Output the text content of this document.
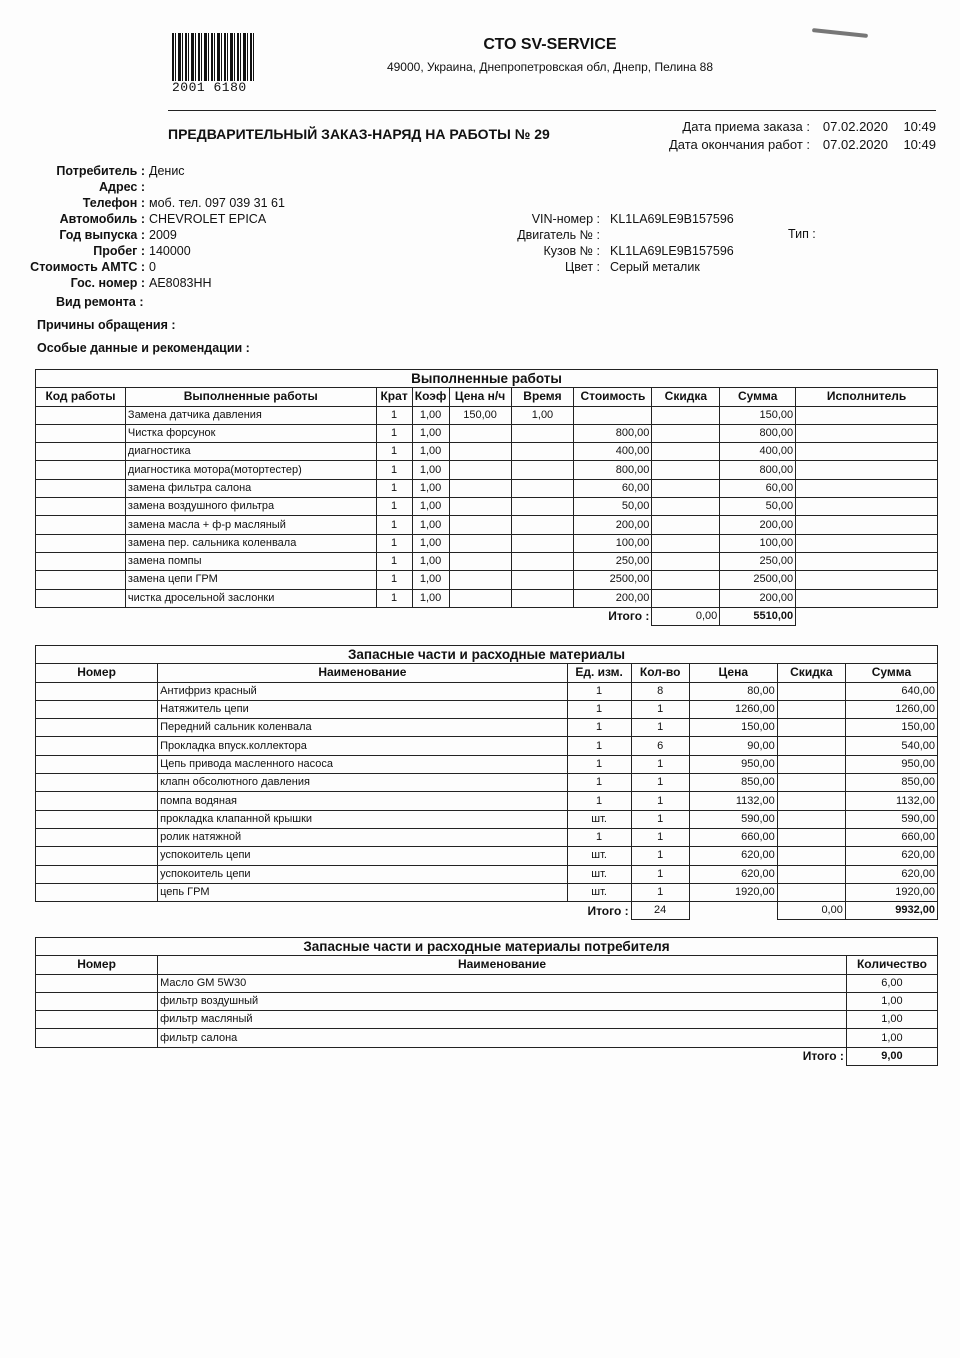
2001 6180
СТО SV-SERVICE
49000, Украина, Днепропетровская обл, Днепр, Пелина 88
ПРЕДВАРИТЕЛЬНЫЙ ЗАКАЗ-НАРЯД НА РАБОТЫ № 29	Дата приема заказа : 07.02.2020	10:49
Дата окончания работ : 07.02.2020	10:49
Потребитель : Денис
Адрес :
Телефон : моб. тел. 097 039 31 61
Автомобиль : CHEVROLET EPICA
Год выпуска : 2009
Пробег : 140000
Стоимость АМТС : 0
Гос. номер : AE8083HH
VIN-номер : KL1LA69LE9B157596
Двигатель № :
Кузов № : KL1LA69LE9B157596
Цвет : Серый металик
Тип :
Вид ремонта :
Причины обращения :
Особые данные и рекомендации :
Выполненные работы									
Код работы	Выполненные работы	Крат	Коэф	Цена н/ч	Время	Стоимость	Скидка	Сумма	Исполнитель
	Замена датчика давления	1	1,00	150,00	1,00			150,00	
	Чистка форсунок	1	1,00			800,00		800,00	
	диагностика	1	1,00			400,00		400,00	
	диагностика мотора(мотортестер)	1	1,00			800,00		800,00	
	замена фильтра салона	1	1,00			60,00		60,00	
	замена воздушного фильтра	1	1,00			50,00		50,00	
	замена масла + ф-р масляный	1	1,00			200,00		200,00	
	замена пер. сальника коленвала	1	1,00			100,00		100,00	
	замена помпы	1	1,00			250,00		250,00	
	замена цепи ГРМ	1	1,00			2500,00		2500,00	
	чистка дросельной заслонки	1	1,00			200,00		200,00	
Итого :							0,00	5510,00	
Запасные части и расходные материалы						
Номер	Наименование	Ед. изм.	Кол-во	Цена	Скидка	Сумма
	Антифриз красный	1	8	80,00		640,00
	Натяжитель цепи	1	1	1260,00		1260,00
	Передний сальник коленвала	1	1	150,00		150,00
	Прокладка впуск.коллектора	1	6	90,00		540,00
	Цепь привода масленного насоса	1	1	950,00		950,00
	клапн обсолютного давления	1	1	850,00		850,00
	помпа водяная	1	1	1132,00		1132,00
	прокладка клапанной крышки	шт.	1	590,00		590,00
	ролик натяжной	1	1	660,00		660,00
	успокоитель цепи	шт.	1	620,00		620,00
	успокоитель цепи	шт.	1	620,00		620,00
	цепь ГРМ	шт.	1	1920,00		1920,00
Итого :			24		0,00	9932,00
Запасные части и расходные материалы потребителя		
Номер	Наименование	Количество
	Масло GM 5W30	6,00
	фильтр воздушный	1,00
	фильтр масляный	1,00
	фильтр салона	1,00
Итого :		9,00
